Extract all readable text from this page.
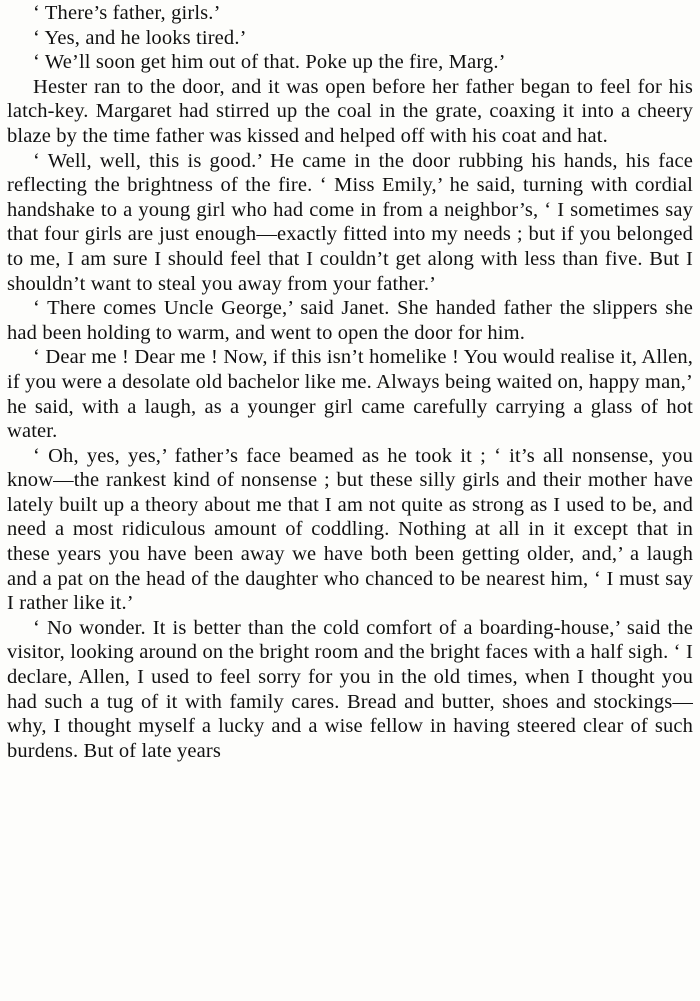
‘ There’s father, girls.’

‘ Yes, and he looks tired.’

‘ We’ll soon get him out of that. Poke up the fire, Marg.’

Hester ran to the door, and it was open before her father began to feel for his latch-key. Margaret had stirred up the coal in the grate, coaxing it into a cheery blaze by the time father was kissed and helped off with his coat and hat.

‘ Well, well, this is good.’ He came in the door rubbing his hands, his face reflecting the brightness of the fire. ‘ Miss Emily,’ he said, turning with cordial handshake to a young girl who had come in from a neighbor’s, ‘ I sometimes say that four girls are just enough—exactly fitted into my needs ; but if you belonged to me, I am sure I should feel that I couldn’t get along with less than five. But I shouldn’t want to steal you away from your father.’

‘ There comes Uncle George,’ said Janet. She handed father the slippers she had been holding to warm, and went to open the door for him.

‘ Dear me ! Dear me ! Now, if this isn’t homelike ! You would realise it, Allen, if you were a desolate old bachelor like me. Always being waited on, happy man,’ he said, with a laugh, as a younger girl came carefully carrying a glass of hot water.

‘ Oh, yes, yes,’ father’s face beamed as he took it ; ‘ it’s all nonsense, you know—the rankest kind of nonsense ; but these silly girls and their mother have lately built up a theory about me that I am not quite as strong as I used to be, and need a most ridiculous amount of coddling. Nothing at all in it except that in these years you have been away we have both been getting older, and,’ a laugh and a pat on the head of the daughter who chanced to be nearest him, ‘ I must say I rather like it.’

‘ No wonder. It is better than the cold comfort of a boarding-house,’ said the visitor, looking around on the bright room and the bright faces with a half sigh. ‘ I declare, Allen, I used to feel sorry for you in the old times, when I thought you had such a tug of it with family cares. Bread and butter, shoes and stockings—why, I thought myself a lucky and a wise fellow in having steered clear of such burdens. But of late years
